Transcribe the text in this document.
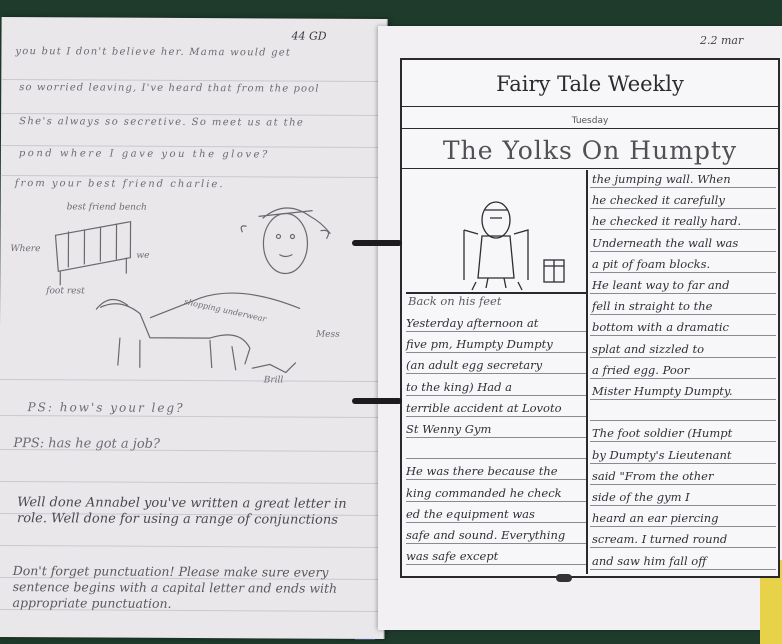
44 GD
you but I don't believe her. Mama would get
so worried leaving, I've heard that from the pool
She's always so secretive. So meet us at the
pond where I gave you the glove?
from your best friend charlie.
best friend bench
Where
we
foot rest
shopping underwear
Mess
Brill
PS: how's your leg?
PPS: has he got a job?
Well done Annabel you've written a great letter in role. Well done for using a range of conjunctions
Don't forget punctuation! Please make sure every sentence begins with a capital letter and ends with appropriate punctuation.
2.2 mar
Fairy Tale Weekly
Tuesday
The Yolks On Humpty
Back on his feet
the jumping wall. When
he checked it carefully
he checked it really hard.
Underneath the wall was
a pit of foam blocks.
He leant way to far and
fell in straight to the
bottom with a dramatic
splat and sizzled to
a fried egg. Poor
Mister Humpty Dumpty.
The foot soldier (Humpt
by Dumpty's Lieutenant
said "From the other
side of the gym I
heard an ear piercing
scream. I turned round
and saw him fall off
Yesterday afternoon at
five pm, Humpty Dumpty
(an adult egg secretary
to the king) Had a
terrible accident at Lovoto
St Wenny Gym
He was there because the
king commanded he check
ed the equipment was
safe and sound. Everything
was safe except
